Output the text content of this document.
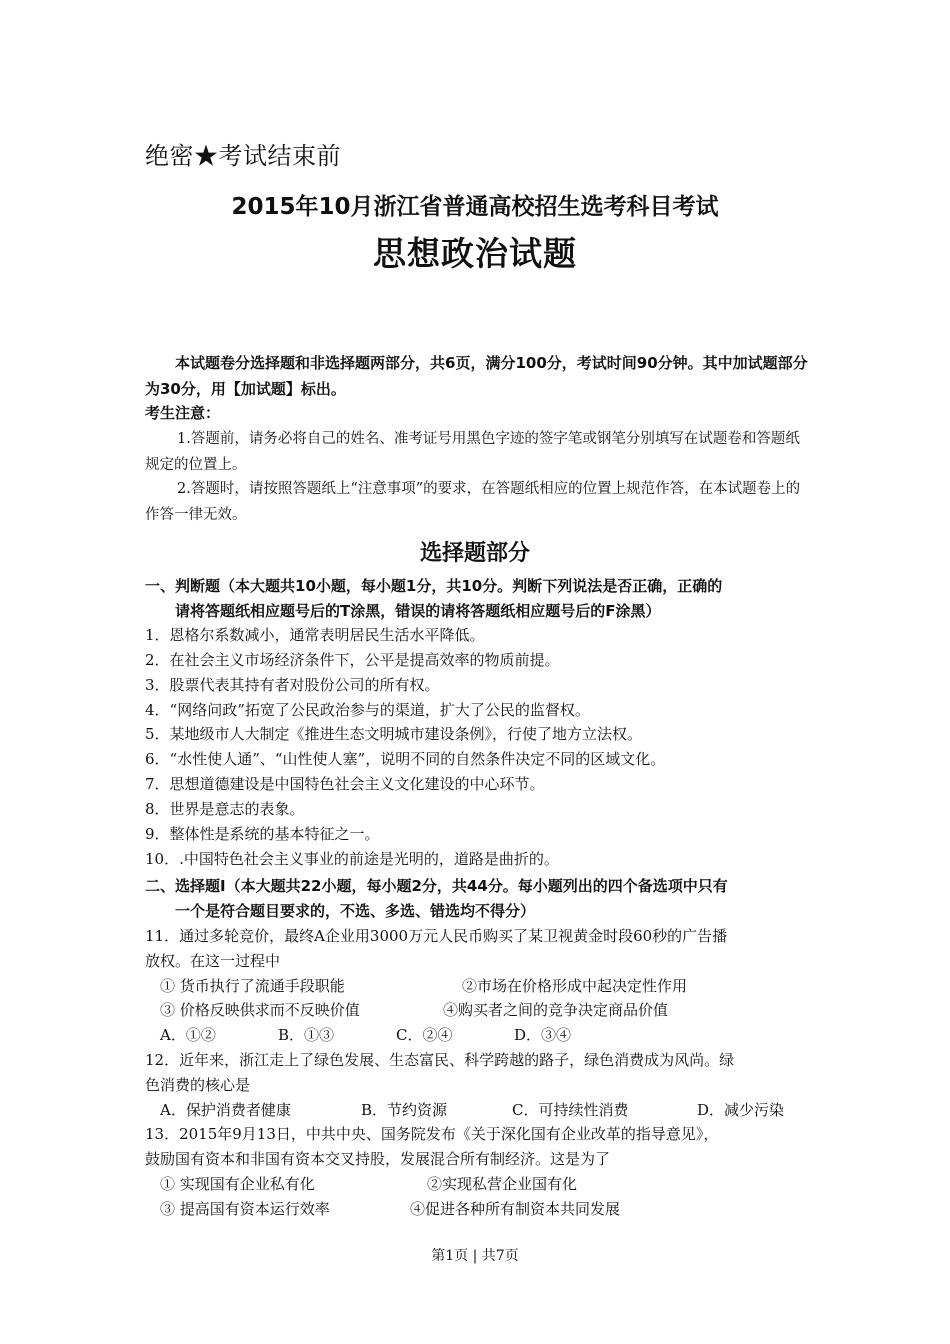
绝密★考试结束前
2015年10月浙江省普通高校招生选考科目考试
思想政治试题
本试题卷分选择题和非选择题两部分，共6页，满分100分，考试时间90分钟。其中加试题部分为30分，用【加试题】标出。
考生注意：
1.答题前，请务必将自己的姓名、准考证号用黑色字迹的签字笔或钢笔分别填写在试题卷和答题纸规定的位置上。
2.答题时，请按照答题纸上“注意事项”的要求，在答题纸相应的位置上规范作答，在本试题卷上的作答一律无效。
选择题部分
一、判断题（本大题共10小题，每小题1分，共10分。判断下列说法是否正确，正确的
请将答题纸相应题号后的T涂黑，错误的请将答题纸相应题号后的F涂黑）
1．恩格尔系数减小，通常表明居民生活水平降低。
2．在社会主义市场经济条件下，公平是提高效率的物质前提。
3．股票代表其持有者对股份公司的所有权。
4．“网络问政”拓宽了公民政治参与的渠道，扩大了公民的监督权。
5．某地级市人大制定《推进生态文明城市建设条例》，行使了地方立法权。
6．“水性使人通”、“山性使人塞”，说明不同的自然条件决定不同的区域文化。
7．思想道德建设是中国特色社会主义文化建设的中心环节。
8．世界是意志的表象。
9．整体性是系统的基本特征之一。
10．.中国特色社会主义事业的前途是光明的，道路是曲折的。
二、选择题Ⅰ（本大题共22小题，每小题2分，共44分。每小题列出的四个备选项中只有
一个是符合题目要求的，不选、多选、错选均不得分）
11．通过多轮竞价，最终A企业用3000万元人民币购买了某卫视黄金时段60秒的广告播
放权。在这一过程中
① 货币执行了流通手段职能	②市场在价格形成中起决定性作用
③ 价格反映供求而不反映价值	④购买者之间的竞争决定商品价值
A．①②	B．①③	C．②④	D．③④
12．近年来，浙江走上了绿色发展、生态富民、科学跨越的路子，绿色消费成为风尚。绿
色消费的核心是
A．保护消费者健康	B．节约资源	C．可持续性消费	D．减少污染
13．2015年9月13日，中共中央、国务院发布《关于深化国有企业改革的指导意见》，
鼓励国有资本和非国有资本交叉持股，发展混合所有制经济。这是为了
① 实现国有企业私有化	②实现私营企业国有化
③ 提高国有资本运行效率	④促进各种所有制资本共同发展
第1页 | 共7页
